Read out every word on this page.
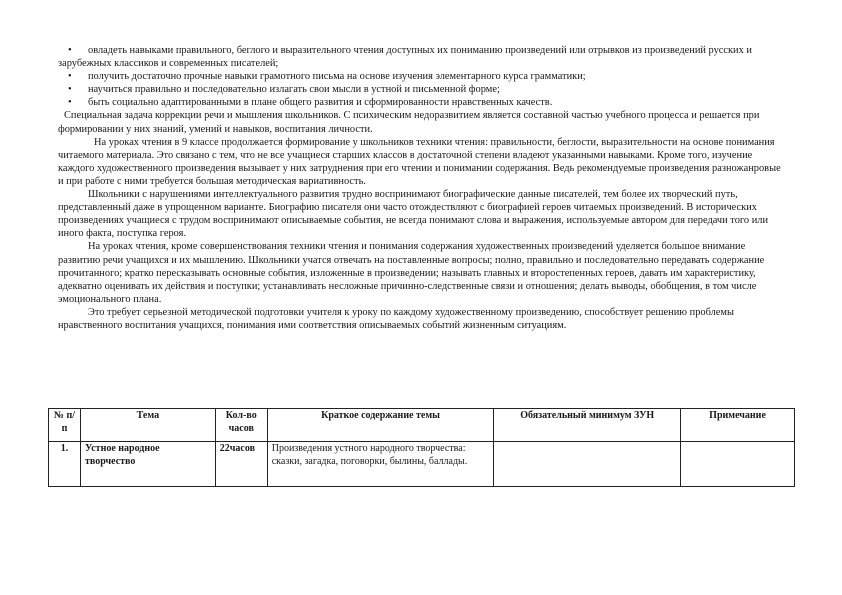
• овладеть навыками правильного, беглого и выразительного чтения доступных их пониманию произведений или отрывков из произведений русских и зарубежных классиков и современных писателей;
• получить достаточно прочные навыки грамотного письма на основе изучения элементарного курса грамматики;
• научиться правильно и последовательно излагать свои мысли в устной и письменной форме;
• быть социально адаптированными в плане общего развития и сформированности нравственных качеств.

Специальная задача коррекции речи и мышления школьников. С психическим недоразвитием является составной частью учебного процесса и решается при формировании у них знаний, умений и навыков, воспитания личности.

На уроках чтения в 9 классе продолжается формирование у школьников техники чтения: правильности, беглости, выразительности на основе понимания читаемого материала. Это связано с тем, что не все учащиеся старших классов в достаточной степени владеют указанными навыками. Кроме того, изучение каждого художественного произведения вызывает у них затруднения при его чтении и понимании содержания. Ведь рекомендуемые произведения разножанровые и при работе с ними требуется большая методическая вариативность.

Школьники с нарушениями интеллектуального развития трудно воспринимают биографические данные писателей, тем более их творческий путь, представленный даже в упрощенном варианте. Биографию писателя они часто отождествляют с биографией героев читаемых произведений. В исторических произведениях учащиеся с трудом воспринимают описываемые события, не всегда понимают слова и выражения, используемые автором для передачи того или иного факта, поступка героя.

На уроках чтения, кроме совершенствования техники чтения и понимания содержания художественных произведений уделяется большое внимание развитию речи учащихся и их мышлению. Школьники учатся отвечать на поставленные вопросы; полно, правильно и последовательно передавать содержание прочитанного; кратко пересказывать основные события, изложенные в произведении; называть главных и второстепенных героев, давать им характеристику, адекватно оценивать их действия и поступки; устанавливать несложные причинно-следственные связи и отношения; делать выводы, обобщения, в том числе эмоционального плана.

Это требует серьезной методической подготовки учителя к уроку по каждому художественному произведению, способствует решению проблемы нравственного воспитания учащихся, понимания ими соответствия описываемых событий жизненным ситуациям.

№ п/п	Тема	Кол-во часов	Краткое содержание темы	Обязательный минимум ЗУН	Примечание
1.	Устное народное творчество	22часов	Произведения устного народного творчества: сказки, загадка, поговорки, былины, баллады.		
